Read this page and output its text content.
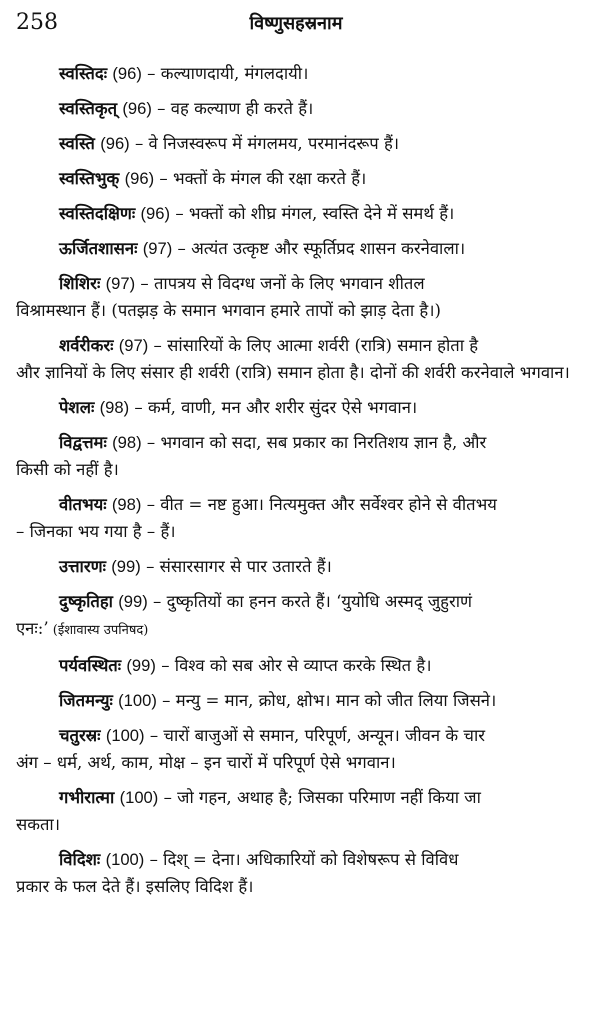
258	विष्णुसहस्रनाम

स्वस्तिदः (96) – कल्याणदायी, मंगलदायी।

स्वस्तिकृत् (96) – वह कल्याण ही करते हैं।

स्वस्ति (96) – वे निजस्वरूप में मंगलमय, परमानंदरूप हैं।

स्वस्तिभुक् (96) – भक्तों के मंगल की रक्षा करते हैं।

स्वस्तिदक्षिणः (96) – भक्तों को शीघ्र मंगल, स्वस्ति देने में समर्थ हैं।

ऊर्जितशासनः (97) – अत्यंत उत्कृष्ट और स्फूर्तिप्रद शासन करनेवाला।

शिशिरः (97) – तापत्रय से विदग्ध जनों के लिए भगवान शीतल
विश्रामस्थान हैं। (पतझड़ के समान भगवान हमारे तापों को झाड़ देता है।)

शर्वरीकरः (97) – सांसारियों के लिए आत्मा शर्वरी (रात्रि) समान होता है
और ज्ञानियों के लिए संसार ही शर्वरी (रात्रि) समान होता है। दोनों की शर्वरी करनेवाले भगवान।

पेशलः (98) – कर्म, वाणी, मन और शरीर सुंदर ऐसे भगवान।

विद्वत्तमः (98) – भगवान को सदा, सब प्रकार का निरतिशय ज्ञान है, और
किसी को नहीं है।

वीतभयः (98) – वीत = नष्ट हुआ। नित्यमुक्त और सर्वेश्वर होने से वीतभय
– जिनका भय गया है – हैं।

उत्तारणः (99) – संसारसागर से पार उतारते हैं।

दुष्कृतिहा (99) – दुष्कृतियों का हनन करते हैं। ‘युयोधि अस्मद् जुहुराणं
एनः:’ (ईशावास्य उपनिषद)

पर्यवस्थितः (99) – विश्व को सब ओर से व्याप्त करके स्थित है।

जितमन्युः (100) – मन्यु = मान, क्रोध, क्षोभ। मान को जीत लिया जिसने।

चतुरस्रः (100) – चारों बाजुओं से समान, परिपूर्ण, अन्यून। जीवन के चार
अंग – धर्म, अर्थ, काम, मोक्ष – इन चारों में परिपूर्ण ऐसे भगवान।

गभीरात्मा (100) – जो गहन, अथाह है; जिसका परिमाण नहीं किया जा
सकता।

विदिशः (100) – दिश् = देना। अधिकारियों को विशेषरूप से विविध
प्रकार के फल देते हैं। इसलिए विदिश हैं।
